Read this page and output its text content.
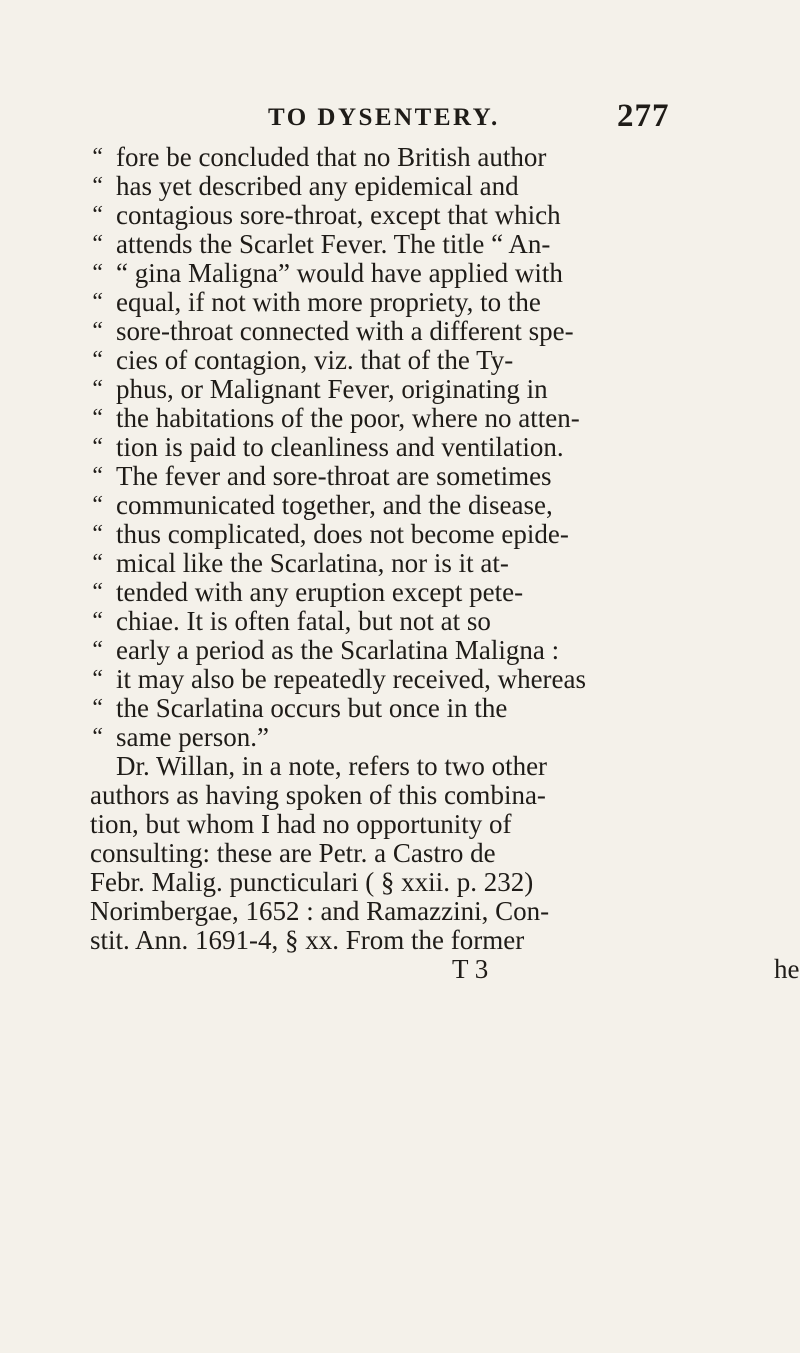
TO DYSENTERY.	277
“ fore be concluded that no British author
“ has yet described any epidemical and
“ contagious sore-throat, except that which
“ attends the Scarlet Fever. The title “ An-
“ “ gina Maligna” would have applied with
“ equal, if not with more propriety, to the
“ sore-throat connected with a different spe-
“ cies of contagion, viz. that of the Ty-
“ phus, or Malignant Fever, originating in
“ the habitations of the poor, where no atten-
“ tion is paid to cleanliness and ventilation.
“ The fever and sore-throat are sometimes
“ communicated together, and the disease,
“ thus complicated, does not become epide-
“ mical like the Scarlatina, nor is it at-
“ tended with any eruption except pete-
“ chiae. It is often fatal, but not at so
“ early a period as the Scarlatina Maligna :
“ it may also be repeatedly received, whereas
“ the Scarlatina occurs but once in the
“ same person.”
Dr. Willan, in a note, refers to two other
authors as having spoken of this combina-
tion, but whom I had no opportunity of
consulting: these are Petr. a Castro de
Febr. Malig. puncticulari ( § xxii. p. 232)
Norimbergae, 1652 : and Ramazzini, Con-
stit. Ann. 1691-4, § xx. From the former
T 3	he
